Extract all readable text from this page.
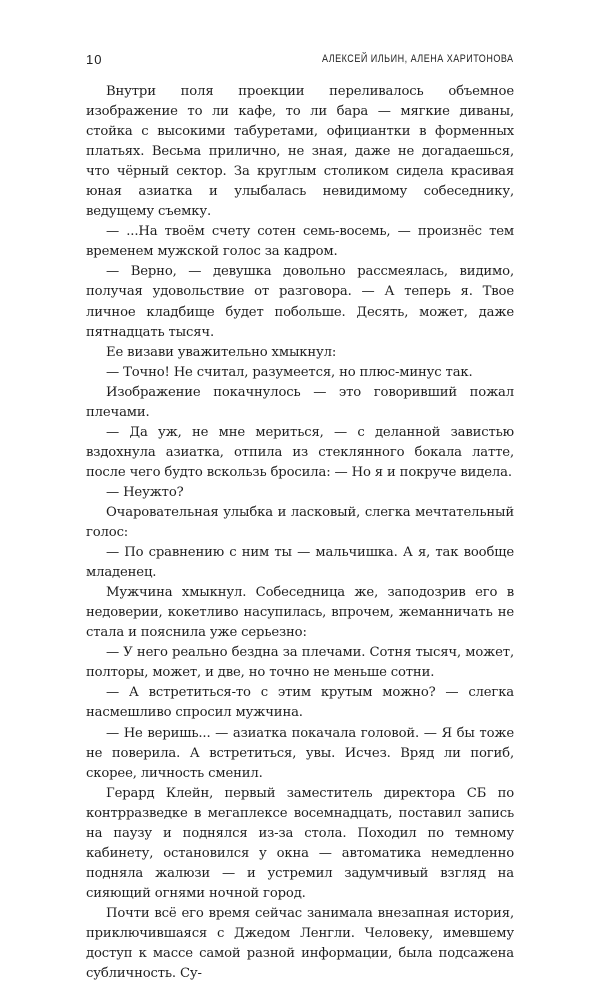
10	АЛЕКСЕЙ ИЛЬИН, АЛЕНА ХАРИТОНОВА

Внутри поля проекции переливалось объемное изображение то ли кафе, то ли бара — мягкие диваны, стойка с высокими табуретами, официантки в форменных платьях. Весьма прилично, не зная, даже не догадаешься, что чёрный сектор. За круглым столиком сидела красивая юная азиатка и улыбалась невидимому собеседнику, ведущему съемку.

— ...На твоём счету сотен семь-восемь, — произнёс тем временем мужской голос за кадром.

— Верно, — девушка довольно рассмеялась, видимо, получая удовольствие от разговора. — А теперь я. Твое личное кладбище будет побольше. Десять, может, даже пятнадцать тысяч.

Ее визави уважительно хмыкнул:

— Точно! Не считал, разумеется, но плюс-минус так.

Изображение покачнулось — это говоривший пожал плечами.

— Да уж, не мне мериться, — с деланной завистью вздохнула азиатка, отпила из стеклянного бокала латте, после чего будто вскользь бросила: — Но я и покруче видела.

— Неужто?

Очаровательная улыбка и ласковый, слегка мечтательный голос:

— По сравнению с ним ты — мальчишка. А я, так вообще младенец.

Мужчина хмыкнул. Собеседница же, заподозрив его в недоверии, кокетливо насупилась, впрочем, жеманничать не стала и пояснила уже серьезно:

— У него реально бездна за плечами. Сотня тысяч, может, полторы, может, и две, но точно не меньше сотни.

— А встретиться-то с этим крутым можно? — слегка насмешливо спросил мужчина.

— Не веришь... — азиатка покачала головой. — Я бы тоже не поверила. А встретиться, увы. Исчез. Вряд ли погиб, скорее, личность сменил.

Герард Клейн, первый заместитель директора СБ по контрразведке в мегаплексе восемнадцать, поставил запись на паузу и поднялся из-за стола. Походил по темному кабинету, остановился у окна — автоматика немедленно подняла жалюзи — и устремил задумчивый взгляд на сияющий огнями ночной город.

Почти всё его время сейчас занимала внезапная история, приключившаяся с Джедом Ленгли. Человеку, имевшему доступ к массе самой разной информации, была подсажена субличность. Су-
